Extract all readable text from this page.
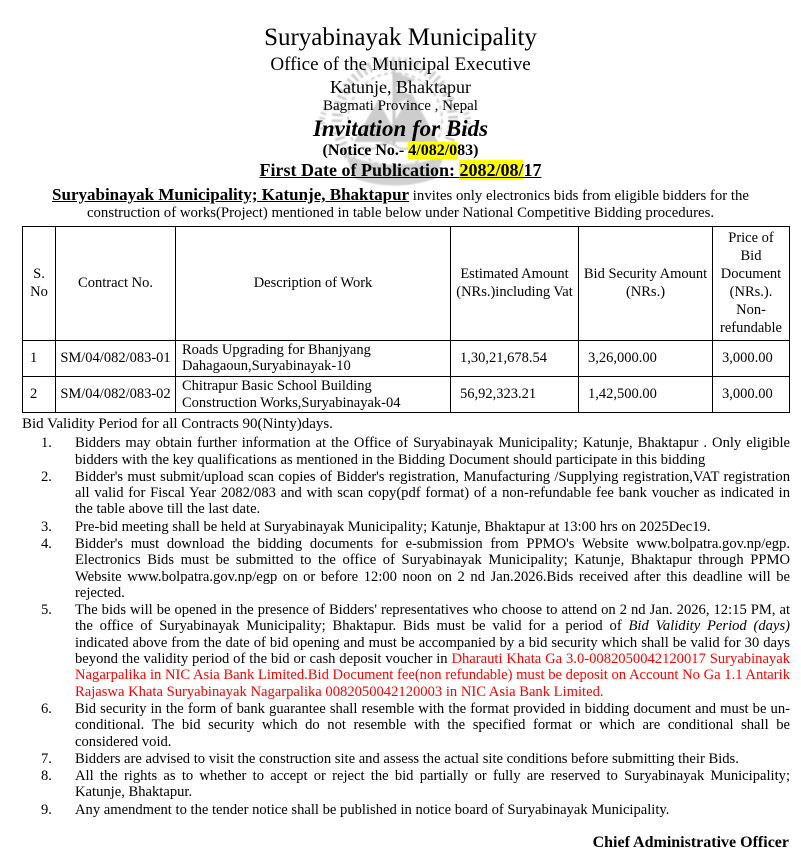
Suryabinayak Municipality
Office of the Municipal Executive
Katunje, Bhaktapur
Bagmati Province , Nepal
Invitation for Bids
(Notice No.- 4/082/083)
First Date of Publication: 2082/08/17

Suryabinayak Municipality; Katunje, Bhaktapur invites only electronics bids from eligible bidders for the construction of works(Project) mentioned in table below under National Competitive Bidding procedures.

S. No	Contract No.	Description of Work	Estimated Amount (NRs.)including Vat	Bid Security Amount (NRs.)	Price of Bid Document (NRs.). Non-refundable
1	SM/04/082/083-01	Roads Upgrading for Bhanjyang Dahagaoun,Suryabinayak-10	1,30,21,678.54	3,26,000.00	3,000.00
2	SM/04/082/083-02	Chitrapur Basic School Building Construction Works,Suryabinayak-04	56,92,323.21	1,42,500.00	3,000.00
Bid Validity Period for all Contracts 90(Ninty)days.
1. Bidders may obtain further information at the Office of Suryabinayak Municipality; Katunje, Bhaktapur . Only eligible bidders with the key qualifications as mentioned in the Bidding Document should participate in this bidding
2. Bidder's must submit/upload scan copies of Bidder's registration, Manufacturing /Supplying registration,VAT registration all valid for Fiscal Year 2082/083 and with scan copy(pdf format) of a non-refundable fee bank voucher as indicated in the table above till the last date.
3. Pre-bid meeting shall be held at Suryabinayak Municipality; Katunje, Bhaktapur at 13:00 hrs on 2025Dec19.
4. Bidder's must download the bidding documents for e-submission from PPMO's Website www.bolpatra.gov.np/egp. Electronics Bids must be submitted to the office of Suryabinayak Municipality; Katunje, Bhaktapur through PPMO Website www.bolpatra.gov.np/egp on or before 12:00 noon on 2 nd Jan.2026.Bids received after this deadline will be rejected.
5. The bids will be opened in the presence of Bidders' representatives who choose to attend on 2 nd Jan. 2026, 12:15 PM, at the office of Suryabinayak Municipality; Bhaktapur. Bids must be valid for a period of Bid Validity Period (days) indicated above from the date of bid opening and must be accompanied by a bid security which shall be valid for 30 days beyond the validity period of the bid or cash deposit voucher in Dharauti Khata Ga 3.0-0082050042120017 Suryabinayak Nagarpalika in NIC Asia Bank Limited.Bid Document fee(non refundable) must be deposit on Account No Ga 1.1 Antarik Rajaswa Khata Suryabinayak Nagarpalika 0082050042120003 in NIC Asia Bank Limited.
6. Bid security in the form of bank guarantee shall resemble with the format provided in bidding document and must be un-conditional. The bid security which do not resemble with the specified format or which are conditional shall be considered void.
7. Bidders are advised to visit the construction site and assess the actual site conditions before submitting their Bids.
8. All the rights as to whether to accept or reject the bid partially or fully are reserved to Suryabinayak Municipality; Katunje, Bhaktapur.
9. Any amendment to the tender notice shall be published in notice board of Suryabinayak Municipality.
Chief Administrative Officer
